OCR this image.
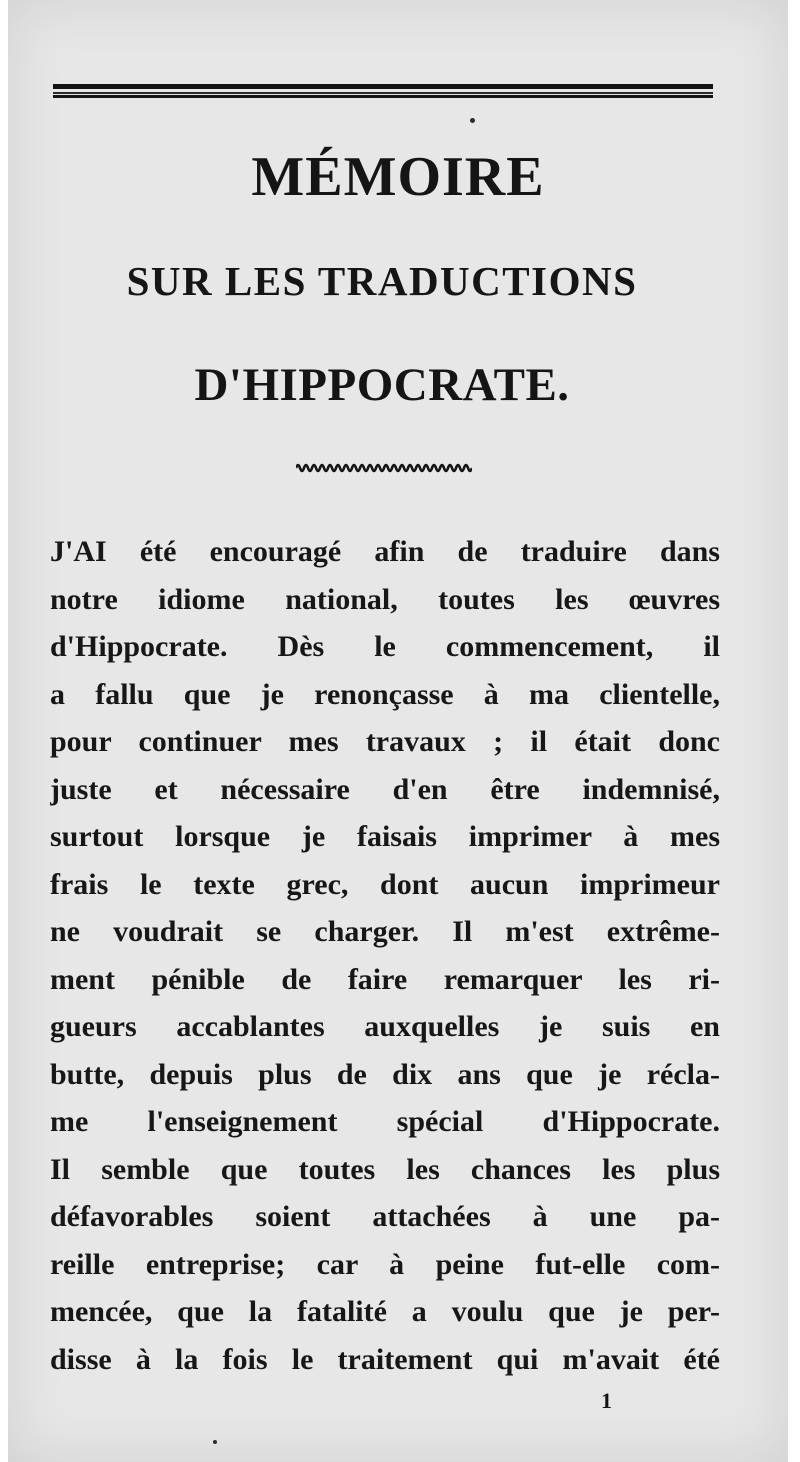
MÉMOIRE
SUR LES TRADUCTIONS
D'HIPPOCRATE.
J'AI été encouragé afin de traduire dans
notre idiome national, toutes les œuvres
d'Hippocrate. Dès le commencement, il
a fallu que je renonçasse à ma clientelle,
pour continuer mes travaux ; il était donc
juste et nécessaire d'en être indemnisé,
surtout lorsque je faisais imprimer à mes
frais le texte grec, dont aucun imprimeur
ne voudrait se charger. Il m'est extrême-
ment pénible de faire remarquer les ri-
gueurs accablantes auxquelles je suis en
butte, depuis plus de dix ans que je récla-
me l'enseignement spécial d'Hippocrate.
Il semble que toutes les chances les plus
défavorables soient attachées à une pa-
reille entreprise; car à peine fut-elle com-
mencée, que la fatalité a voulu que je per-
disse à la fois le traitement qui m'avait été
1
